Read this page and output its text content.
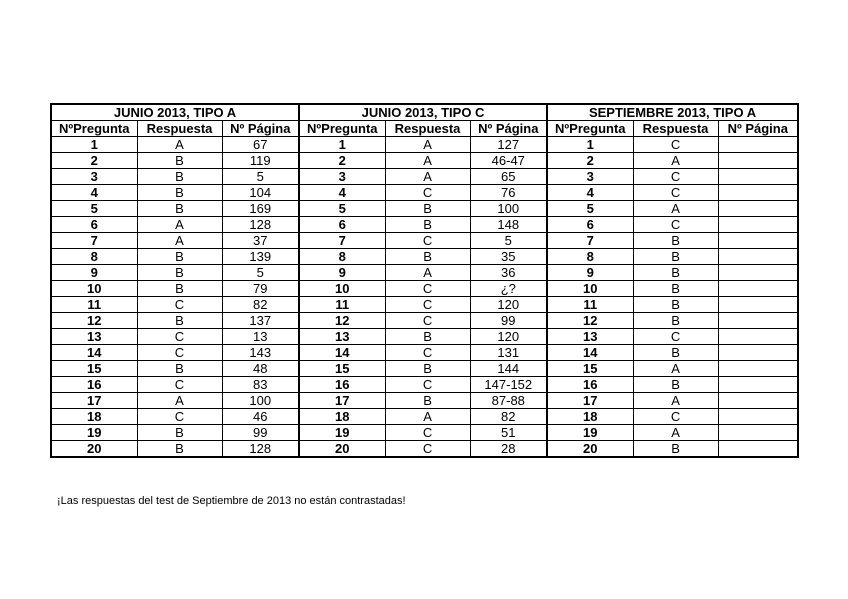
JUNIO 2013, TIPO A			JUNIO 2013, TIPO C			SEPTIEMBRE 2013, TIPO A		
NºPregunta	Respuesta	Nº Página	NºPregunta	Respuesta	Nº Página	NºPregunta	Respuesta	Nº Página
1	A	67	1	A	127	1	C	
2	B	119	2	A	46-47	2	A	
3	B	5	3	A	65	3	C	
4	B	104	4	C	76	4	C	
5	B	169	5	B	100	5	A	
6	A	128	6	B	148	6	C	
7	A	37	7	C	5	7	B	
8	B	139	8	B	35	8	B	
9	B	5	9	A	36	9	B	
10	B	79	10	C	¿?	10	B	
11	C	82	11	C	120	11	B	
12	B	137	12	C	99	12	B	
13	C	13	13	B	120	13	C	
14	C	143	14	C	131	14	B	
15	B	48	15	B	144	15	A	
16	C	83	16	C	147-152	16	B	
17	A	100	17	B	87-88	17	A	
18	C	46	18	A	82	18	C	
19	B	99	19	C	51	19	A	
20	B	128	20	C	28	20	B	
¡Las respuestas del test de Septiembre de 2013 no están contrastadas!
